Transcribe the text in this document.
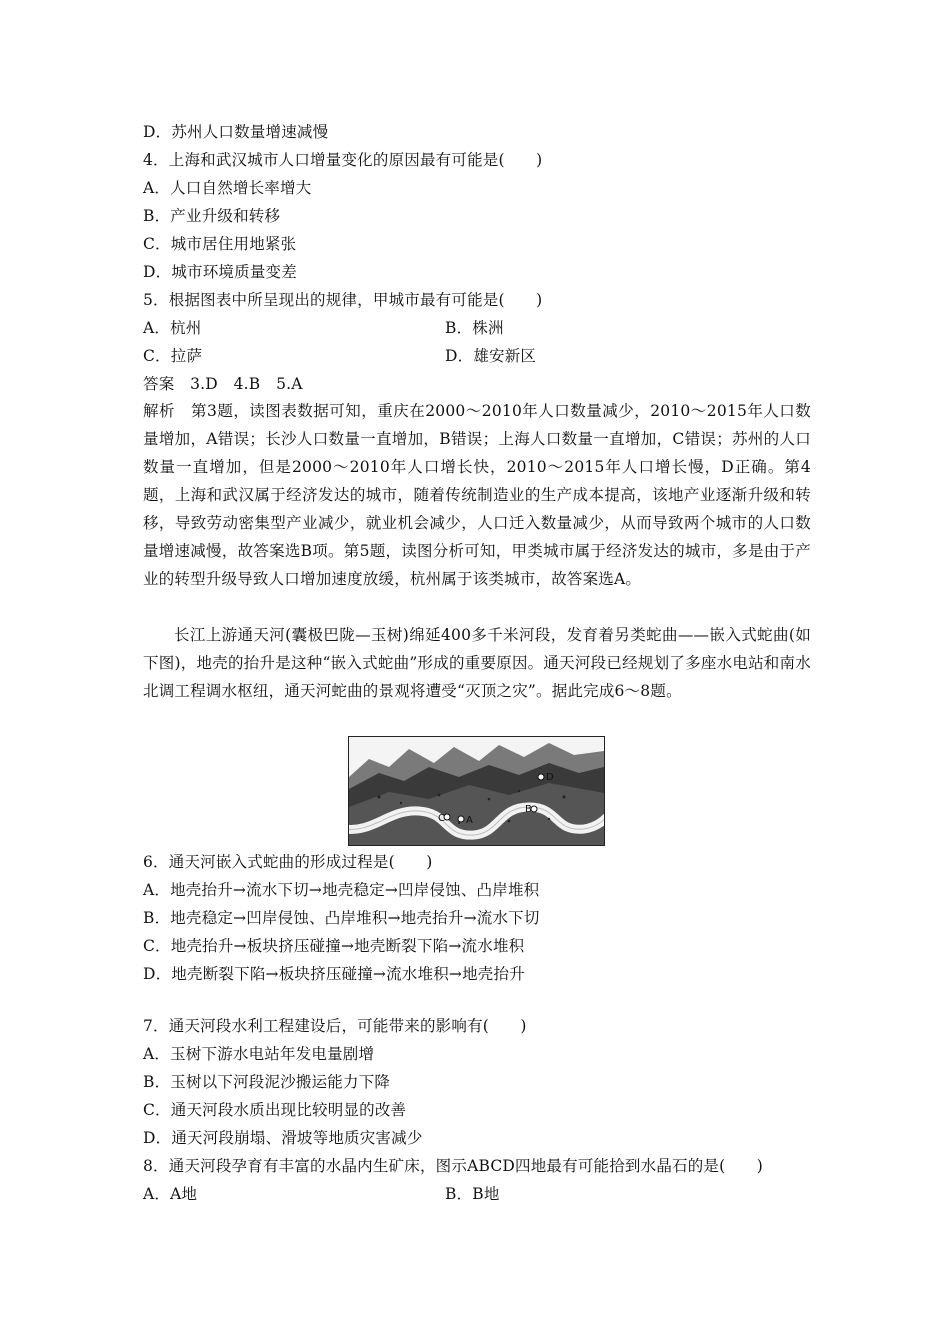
D．苏州人口数量增速减慢
4．上海和武汉城市人口增量变化的原因最有可能是(　　)
A．人口自然增长率增大
B．产业升级和转移
C．城市居住用地紧张
D．城市环境质量变差
5．根据图表中所呈现出的规律，甲城市最有可能是(　　)
A．杭州	B．株洲
C．拉萨	D．雄安新区
答案　3.D　4.B　5.A
解析　第3题，读图表数据可知，重庆在2000～2010年人口数量减少，2010～2015年人口数量增加，A错误；长沙人口数量一直增加，B错误；上海人口数量一直增加，C错误；苏州的人口数量一直增加，但是2000～2010年人口增长快，2010～2015年人口增长慢，D正确。第4题，上海和武汉属于经济发达的城市，随着传统制造业的生产成本提高，该地产业逐渐升级和转移，导致劳动密集型产业减少，就业机会减少，人口迁入数量减少，从而导致两个城市的人口数量增速减慢，故答案选B项。第5题，读图分析可知，甲类城市属于经济发达的城市，多是由于产业的转型升级导致人口增加速度放缓，杭州属于该类城市，故答案选A。
长江上游通天河(囊极巴陇—玉树)绵延400多千米河段，发育着另类蛇曲——嵌入式蛇曲(如下图)，地壳的抬升是这种“嵌入式蛇曲”形成的重要原因。通天河段已经规划了多座水电站和南水北调工程调水枢纽，通天河蛇曲的景观将遭受“灭顶之灾”。据此完成6～8题。
A
B
C
D
6．通天河嵌入式蛇曲的形成过程是(　　)
A．地壳抬升→流水下切→地壳稳定→凹岸侵蚀、凸岸堆积
B．地壳稳定→凹岸侵蚀、凸岸堆积→地壳抬升→流水下切
C．地壳抬升→板块挤压碰撞→地壳断裂下陷→流水堆积
D．地壳断裂下陷→板块挤压碰撞→流水堆积→地壳抬升
7．通天河段水利工程建设后，可能带来的影响有(　　)
A．玉树下游水电站年发电量剧增
B．玉树以下河段泥沙搬运能力下降
C．通天河段水质出现比较明显的改善
D．通天河段崩塌、滑坡等地质灾害减少
8．通天河段孕育有丰富的水晶内生矿床，图示ABCD四地最有可能拾到水晶石的是(　　)
A．A地	B．B地
